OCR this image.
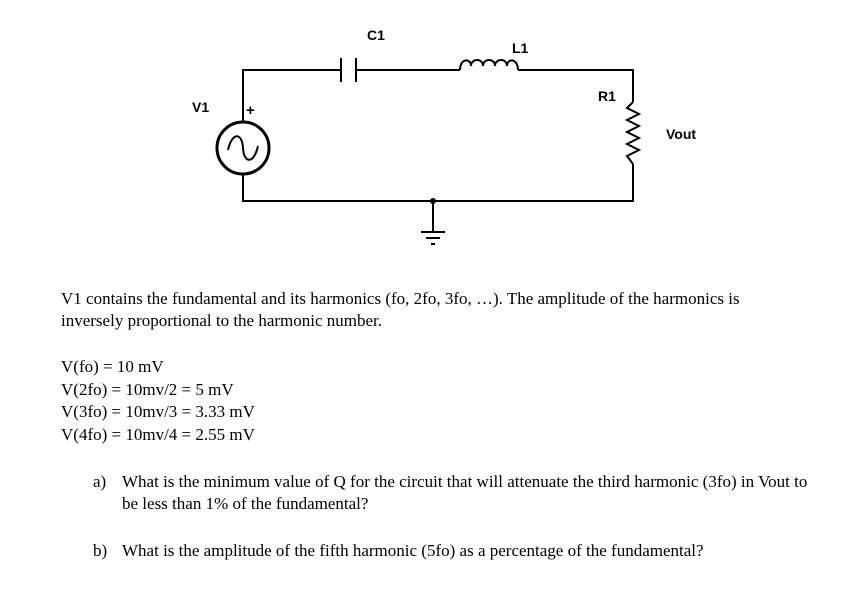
C1
L1
R1
V1 +
Vout

V1 contains the fundamental and its harmonics (fo, 2fo, 3fo, …). The amplitude of the harmonics is inversely proportional to the harmonic number.

V(fo) = 10 mV
V(2fo) = 10mv/2 = 5 mV
V(3fo) = 10mv/3 = 3.33 mV
V(4fo) = 10mv/4 = 2.55 mV
a) What is the minimum value of Q for the circuit that will attenuate the third harmonic (3fo) in Vout to be less than 1% of the fundamental?
b) What is the amplitude of the fifth harmonic (5fo) as a percentage of the fundamental?
